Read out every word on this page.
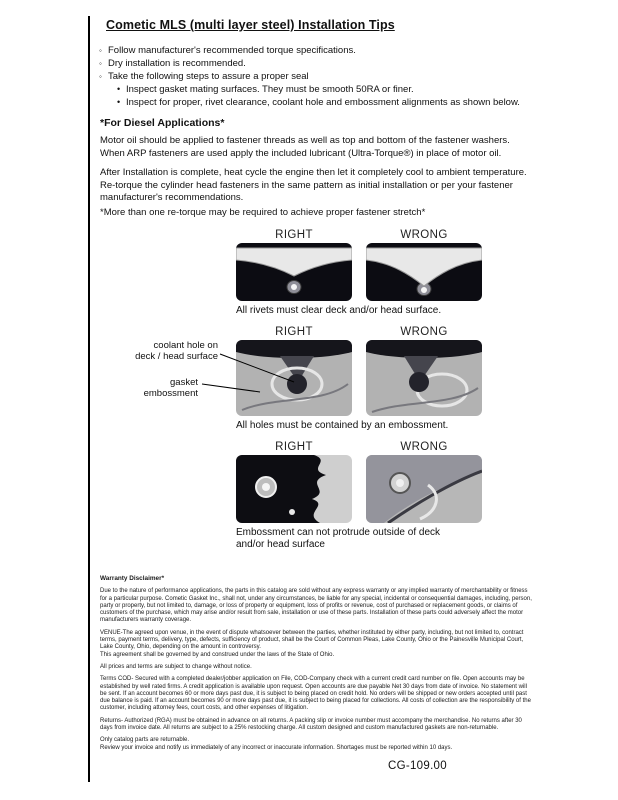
Cometic MLS (multi layer steel) Installation Tips
◦ Follow manufacturer's recommended torque specifications.
◦ Dry installation is recommended.
◦ Take the following steps to assure a proper seal
• Inspect gasket mating surfaces. They must be smooth 50RA or finer.
• Inspect for proper, rivet clearance, coolant hole and embossment alignments as shown below.
*For Diesel Applications*
Motor oil should be applied to fastener threads as well as top and bottom of the fastener washers.
When ARP fasteners are used apply the included lubricant (Ultra-Torque®) in place of motor oil.
After Installation is complete, heat cycle the engine then let it completely cool to ambient temperature. Re-torque the cylinder head fasteners in the same pattern as initial installation or per your fastener manufacturer's recommendations.
*More than one re-torque may be required to achieve proper fastener stretch*
RIGHT	WRONG
All rivets must clear deck and/or head surface.
RIGHT	WRONG
All holes must be contained by an embossment.
RIGHT	WRONG
Embossment can not protrude outside of deck
and/or head surface
coolant hole on
deck / head surface
gasket embossment
Warranty Disclaimer*

Due to the nature of performance applications, the parts in this catalog are sold without any express warranty or any implied warranty of merchantability or fitness for a particular purpose. Cometic Gasket Inc., shall not, under any circumstances, be liable for any special, incidental or consequential damages, including, person, party or property, but not limited to, damage, or loss of property or equipment, loss of profits or revenue, cost of purchased or replacement goods, or claims of customers of the purchase, which may arise and/or result from sale, installation or use of these parts. Installation of these parts could adversely affect the motor manufacturers warranty coverage.

VENUE-The agreed upon venue, in the event of dispute whatsoever between the parties, whether instituted by either party, including, but not limited to, contract terms, payment terms, delivery, type, defects, sufficiency of product, shall be the Court of Common Pleas, Lake County, Ohio or the Painesville Municipal Court, Lake County, Ohio, depending on the amount in controversy.
This agreement shall be governed by and construed under the laws of the State of Ohio.

All prices and terms are subject to change without notice.

Terms COD- Secured with a completed dealer/jobber application on File, COD-Company check with a current credit card number on file. Open accounts may be established by well rated firms. A credit application is available upon request. Open accounts are due payable Net 30 days from date of invoice. No statement will be sent. If an account becomes 60 or more days past due, it is subject to being placed on credit hold. No orders will be shipped or new orders accepted until past due balance is paid. If an account becomes 90 or more days past due, it is subject to being placed for collections. All costs of collection are the responsibility of the customer, including attorney fees, court costs, and other expenses of litigation.

Returns- Authorized (RGA) must be obtained in advance on all returns. A packing slip or invoice number must accompany the merchandise. No returns after 30 days from invoice date. All returns are subject to a 25% restocking charge. All custom designed and custom manufactured gaskets are non-returnable.

Only catalog parts are returnable.
Review your invoice and notify us immediately of any incorrect or inaccurate information. Shortages must be reported within 10 days.

CG-109.00
